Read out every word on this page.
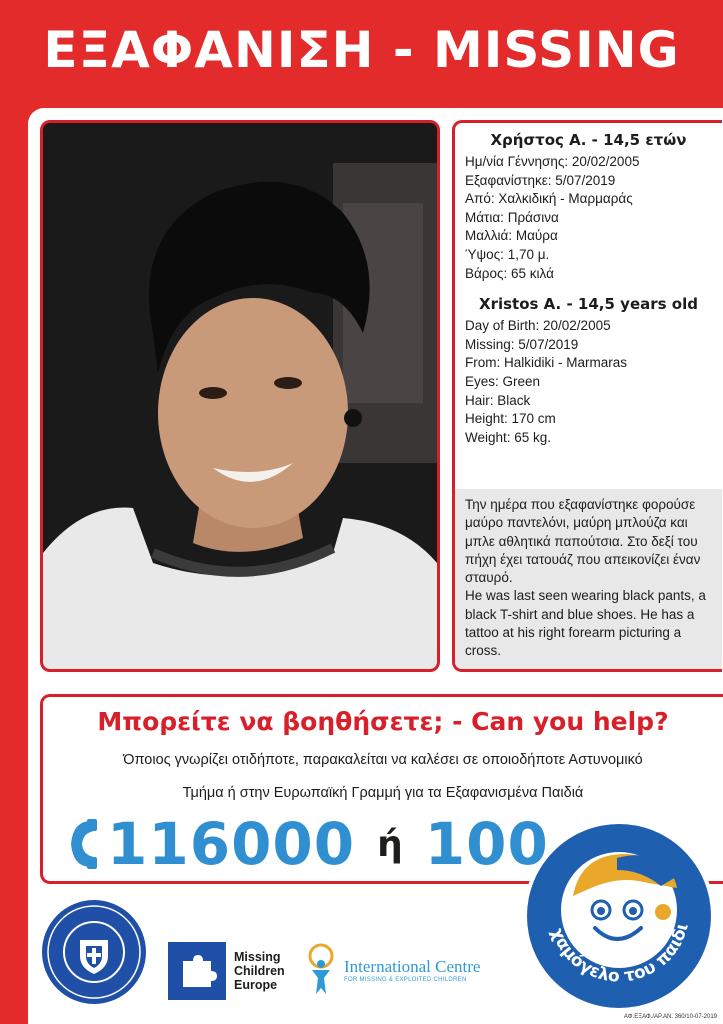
ΕΞΑΦΑΝΙΣΗ - MISSING
Χρήστος Α. - 14,5 ετών
Ημ/νία Γέννησης: 20/02/2005
Εξαφανίστηκε: 5/07/2019
Από: Χαλκιδική - Μαρμαράς
Μάτια: Πράσινα
Μαλλιά: Μαύρα
Ύψος: 1,70 μ.
Βάρος: 65 κιλά
Xristos A. - 14,5 years old
Day of Birth: 20/02/2005
Missing: 5/07/2019
From: Halkidiki - Marmaras
Eyes: Green
Hair: Black
Height: 170 cm
Weight: 65 kg.
Την ημέρα που εξαφανίστηκε φορούσε μαύρο παντελόνι, μαύρη μπλούζα και μπλε αθλητικά παπούτσια. Στο δεξί του πήχη έχει τατουάζ που απεικονίζει έναν σταυρό.
He was last seen wearing black pants, a black T-shirt and blue shoes. He has a tattoo at his right forearm picturing a cross.
Μπορείτε να βοηθήσετε; - Can you help?
Όποιος γνωρίζει οτιδήποτε, παρακαλείται να καλέσει σε οποιοδήποτε Αστυνομικό
Τμήμα ή στην Ευρωπαϊκή Γραμμή για τα Εξαφανισμένα Παιδιά
116000 ή 100
Missing
Children
Europe
International Centre
FOR MISSING & EXPLOITED CHILDREN
χαμόγελο του παιδι
ΑΦ.ΕΞΑΦ./ΑΡ.ΑΝ. 360/10-07-2019
